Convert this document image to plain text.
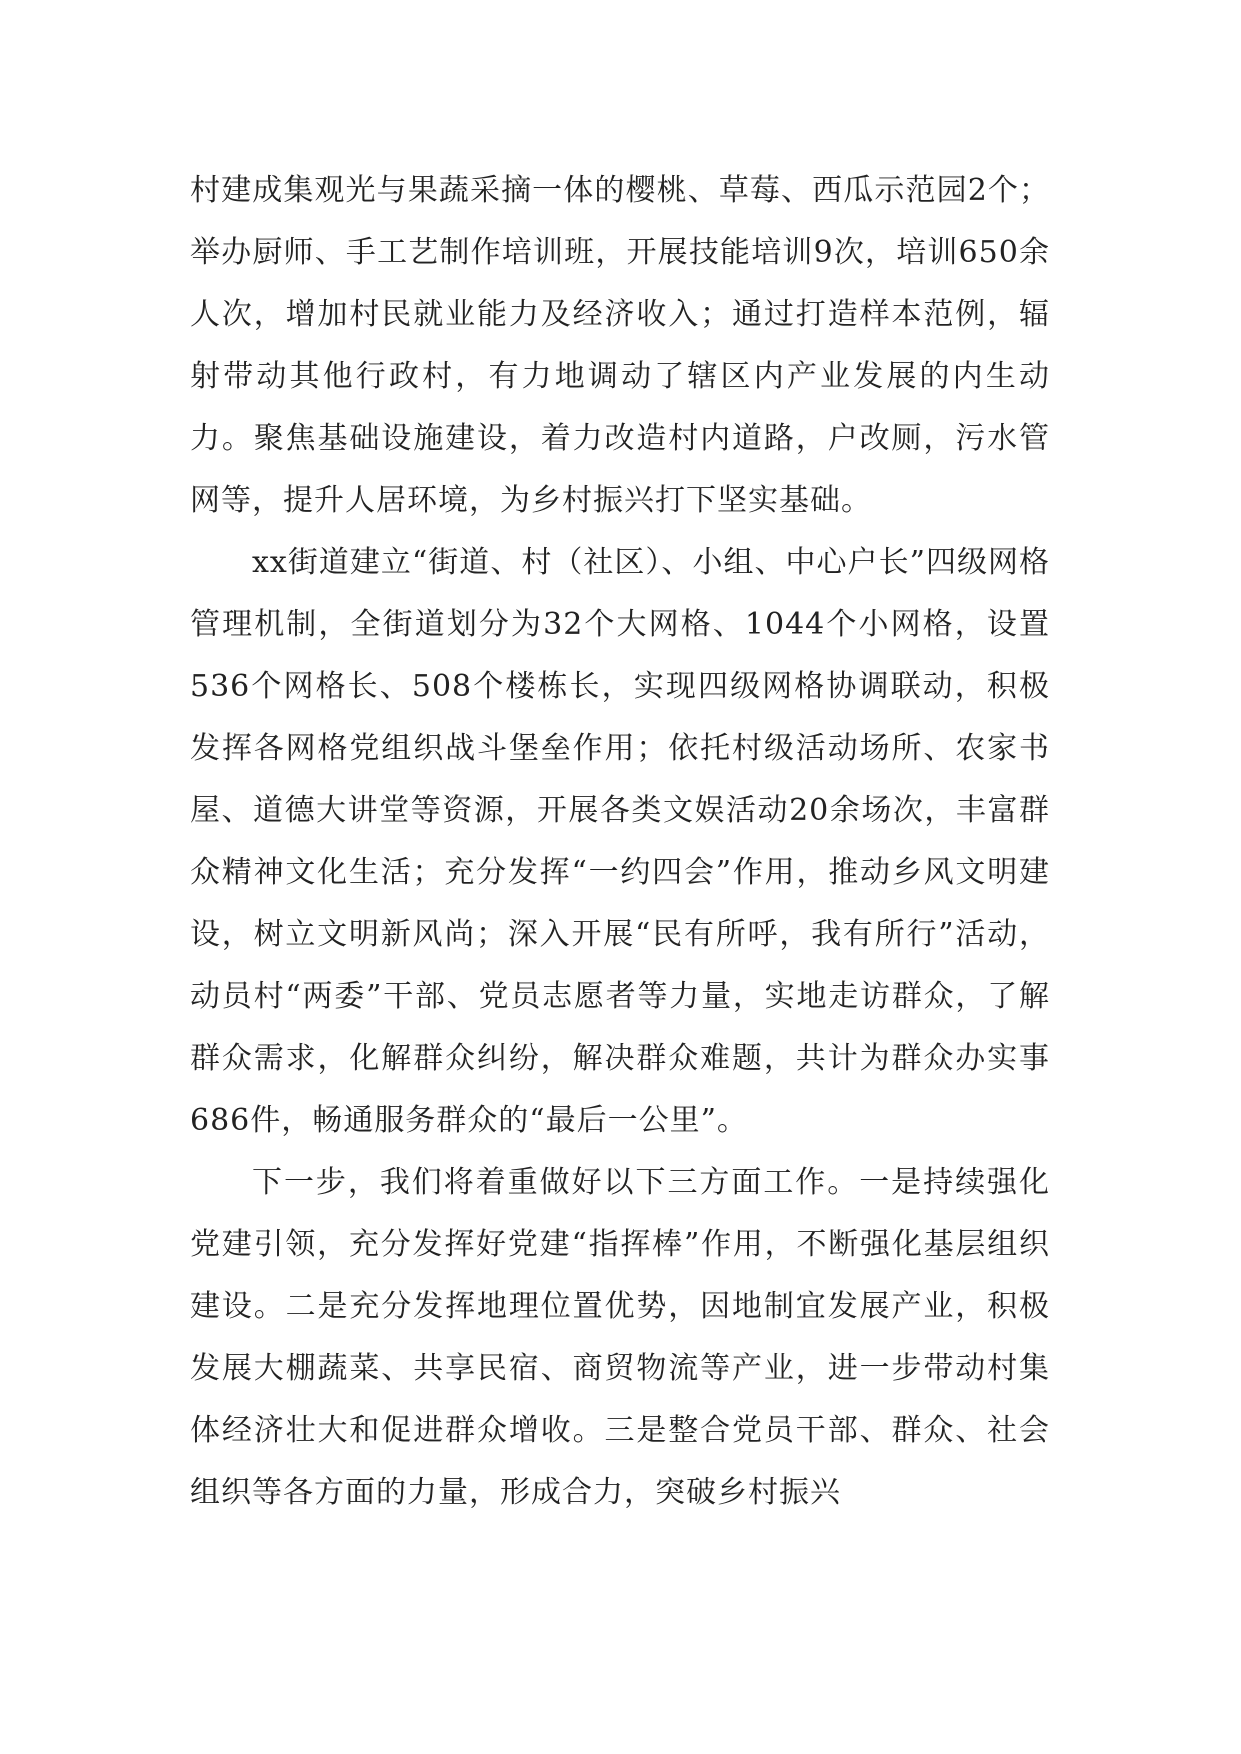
村建成集观光与果蔬采摘一体的樱桃、草莓、西瓜示范园2个；举办厨师、手工艺制作培训班，开展技能培训9次，培训650余人次，增加村民就业能力及经济收入；通过打造样本范例，辐射带动其他行政村，有力地调动了辖区内产业发展的内生动力。聚焦基础设施建设，着力改造村内道路，户改厕，污水管网等，提升人居环境，为乡村振兴打下坚实基础。

xx街道建立“街道、村（社区）、小组、中心户长”四级网格管理机制，全街道划分为32个大网格、1044个小网格，设置536个网格长、508个楼栋长，实现四级网格协调联动，积极发挥各网格党组织战斗堡垒作用；依托村级活动场所、农家书屋、道德大讲堂等资源，开展各类文娱活动20余场次，丰富群众精神文化生活；充分发挥“一约四会”作用，推动乡风文明建设，树立文明新风尚；深入开展“民有所呼，我有所行”活动，动员村“两委”干部、党员志愿者等力量，实地走访群众，了解群众需求，化解群众纠纷，解决群众难题，共计为群众办实事686件，畅通服务群众的“最后一公里”。

下一步，我们将着重做好以下三方面工作。一是持续强化党建引领，充分发挥好党建“指挥棒”作用，不断强化基层组织建设。二是充分发挥地理位置优势，因地制宜发展产业，积极发展大棚蔬菜、共享民宿、商贸物流等产业，进一步带动村集体经济壮大和促进群众增收。三是整合党员干部、群众、社会组织等各方面的力量，形成合力，突破乡村振兴
